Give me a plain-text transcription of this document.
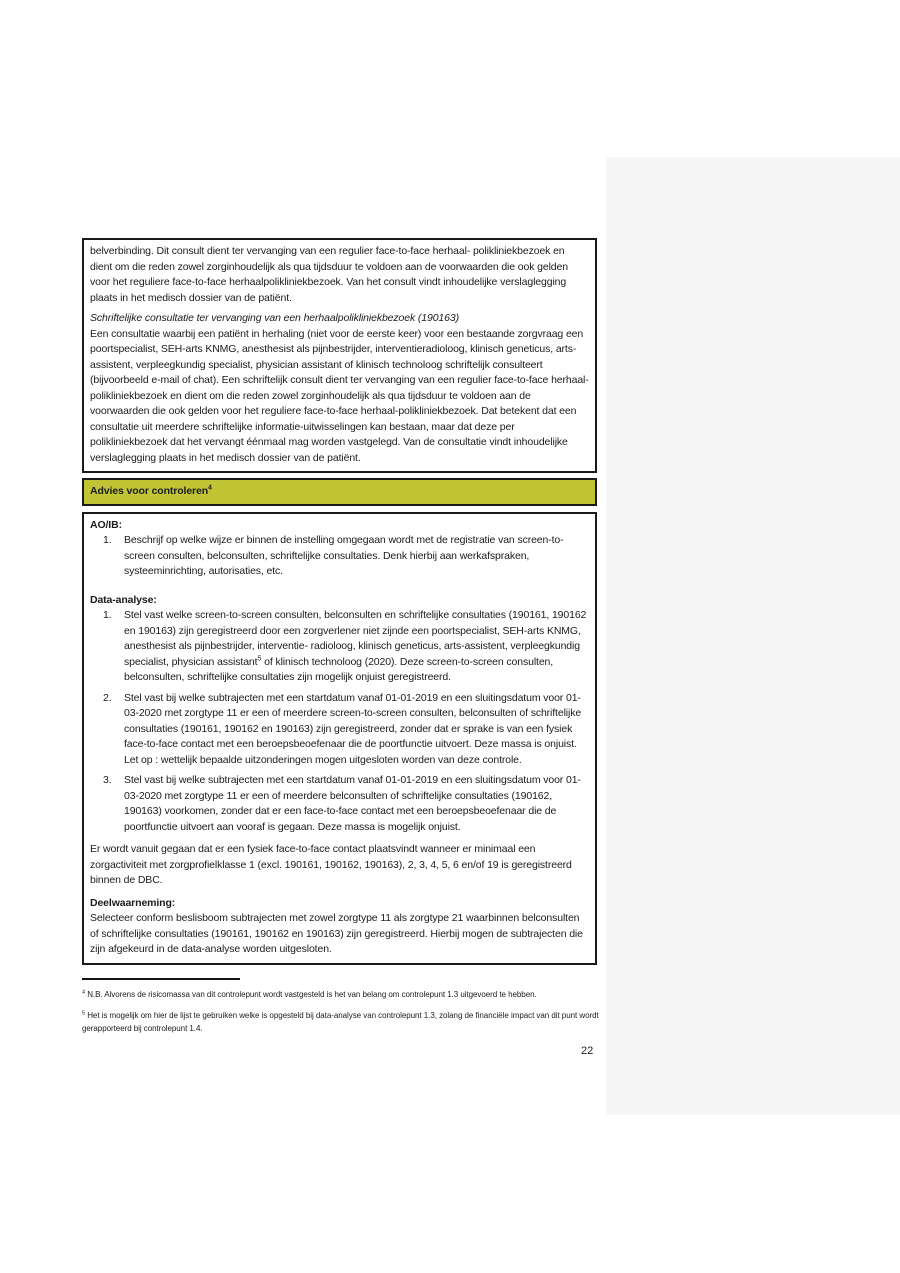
belverbinding. Dit consult dient ter vervanging van een regulier face-to-face herhaal- polikliniekbezoek en dient om die reden zowel zorginhoudelijk als qua tijdsduur te voldoen aan de voorwaarden die ook gelden voor het reguliere face-to-face herhaalpolikliniekbezoek. Van het consult vindt inhoudelijke verslaglegging plaats in het medisch dossier van de patiënt.

Schriftelijke consultatie ter vervanging van een herhaalpolikliniekbezoek (190163)

Een consultatie waarbij een patiënt in herhaling (niet voor de eerste keer) voor een bestaande zorgvraag een poortspecialist, SEH-arts KNMG, anesthesist als pijnbestrijder, interventieradioloog, klinisch geneticus, arts-assistent, verpleegkundig specialist, physician assistant of klinisch technoloog schriftelijk consulteert (bijvoorbeeld e-mail of chat). Een schriftelijk consult dient ter vervanging van een regulier face-to-face herhaal-polikliniekbezoek en dient om die reden zowel zorginhoudelijk als qua tijdsduur te voldoen aan de voorwaarden die ook gelden voor het reguliere face-to-face herhaal-polikliniekbezoek. Dat betekent dat een consultatie uit meerdere schriftelijke informatie-uitwisselingen kan bestaan, maar dat deze per polikliniekbezoek dat het vervangt éénmaal mag worden vastgelegd. Van de consultatie vindt inhoudelijke verslaglegging plaats in het medisch dossier van de patiënt.

Advies voor controleren$^4$
AO/IB:
1.	Beschrijf op welke wijze er binnen de instelling omgegaan wordt met de registratie van screen-to-screen consulten, belconsulten, schriftelijke consultaties. Denk hierbij aan werkafspraken, systeeminrichting, autorisaties, etc.
Data-analyse:
1.	Stel vast welke screen-to-screen consulten, belconsulten en schriftelijke consultaties (190161, 190162 en 190163) zijn geregistreerd door een zorgverlener niet zijnde een poortspecialist, SEH-arts KNMG, anesthesist als pijnbestrijder, interventie- radioloog, klinisch geneticus, arts-assistent, verpleegkundig specialist, physician assistant$^5$ of klinisch technoloog (2020). Deze screen-to-screen consulten, belconsulten, schriftelijke consultaties zijn mogelijk onjuist geregistreerd.
2.	Stel vast bij welke subtrajecten met een startdatum vanaf 01-01-2019 en een sluitingsdatum voor 01-03-2020 met zorgtype 11 er een of meerdere screen-to-screen consulten, belconsulten of schriftelijke consultaties (190161, 190162 en 190163) zijn geregistreerd, zonder dat er sprake is van een fysiek face-to-face contact met een beroepsbeoefenaar die de poortfunctie uitvoert. Deze massa is onjuist. Let op : wettelijk bepaalde uitzonderingen mogen uitgesloten worden van deze controle.
3.	Stel vast bij welke subtrajecten met een startdatum vanaf 01-01-2019 en een sluitingsdatum voor 01-03-2020 met zorgtype 11 er een of meerdere belconsulten of schriftelijke consultaties (190162, 190163) voorkomen, zonder dat er een face-to-face contact met een beroepsbeoefenaar die de poortfunctie uitvoert aan vooraf is gegaan. Deze massa is mogelijk onjuist.

Er wordt vanuit gegaan dat er een fysiek face-to-face contact plaatsvindt wanneer er minimaal een zorgactiviteit met zorgprofielklasse 1 (excl. 190161, 190162, 190163), 2, 3, 4, 5, 6 en/of 19 is geregistreerd binnen de DBC.

Deelwaarneming:

Selecteer conform beslisboom subtrajecten met zowel zorgtype 11 als zorgtype 21 waarbinnen belconsulten of schriftelijke consultaties (190161, 190162 en 190163) zijn geregistreerd. Hierbij mogen de subtrajecten die zijn afgekeurd in de data-analyse worden uitgesloten.

$^4$ N.B. Alvorens de risicomassa van dit controlepunt wordt vastgesteld is het van belang om controlepunt 1.3 uitgevoerd te hebben.
$^5$ Het is mogelijk om hier de lijst te gebruiken welke is opgesteld bij data-analyse van controlepunt 1.3, zolang de financiële impact van dit punt wordt gerapporteerd bij controlepunt 1.4.
22
